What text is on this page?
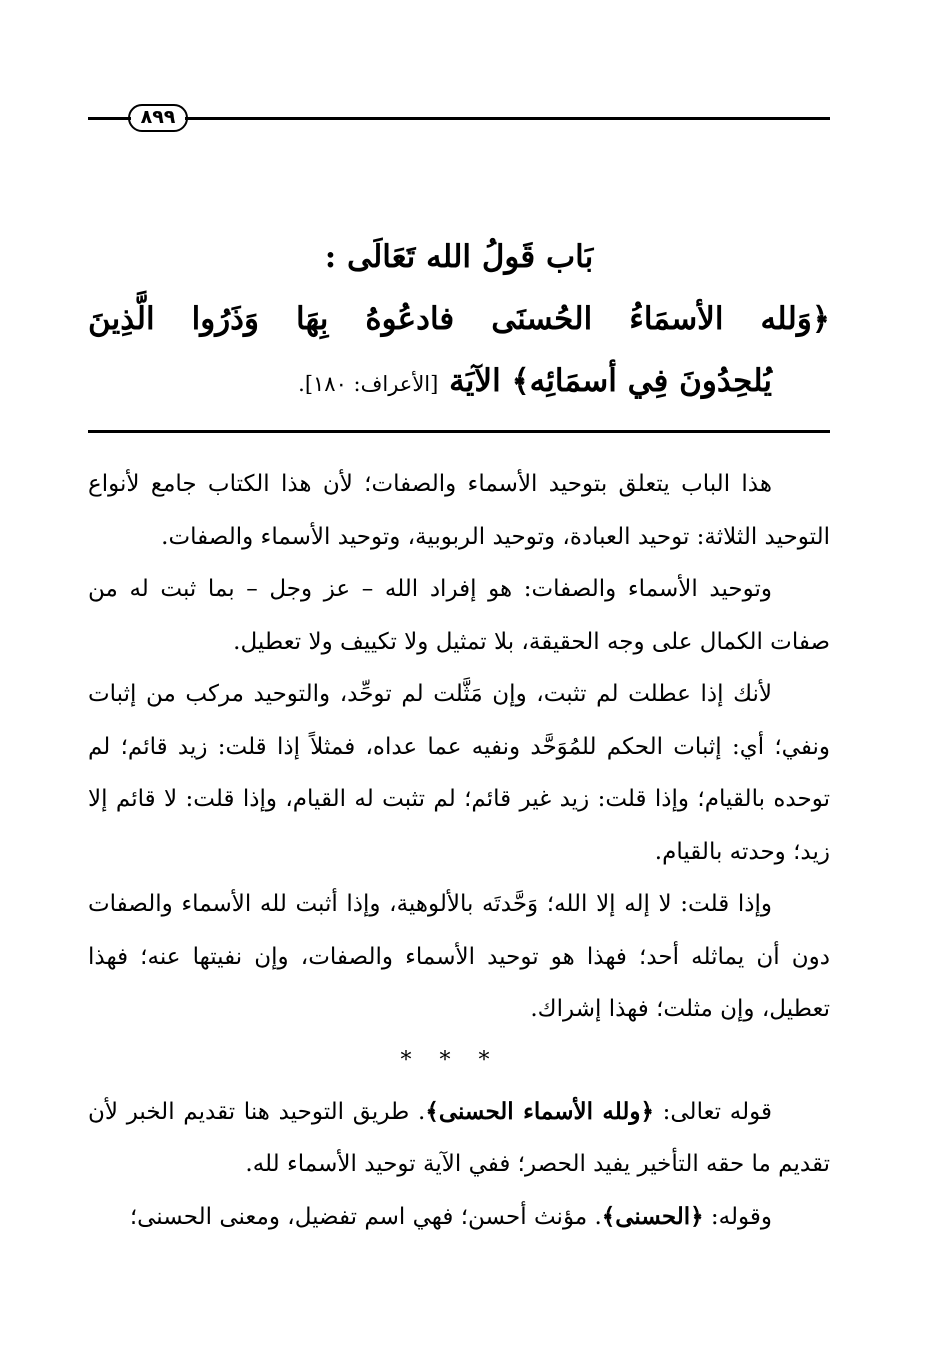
٨٩٩
بَاب قَولُ الله تَعَالَى :
﴿وَلله الأسمَاءُ الحُسنَى فادعُوهُ بِهَا وَذَرُوا الَّذِينَ
يُلحِدُونَ فِي أسمَائِه﴾ الآيَة [الأعراف: ١٨٠].

هذا الباب يتعلق بتوحيد الأسماء والصفات؛ لأن هذا الكتاب جامع لأنواع التوحيد الثلاثة: توحيد العبادة، وتوحيد الربوبية، وتوحيد الأسماء والصفات.

وتوحيد الأسماء والصفات: هو إفراد الله – عز وجل – بما ثبت له من صفات الكمال على وجه الحقيقة، بلا تمثيل ولا تكييف ولا تعطيل.

لأنك إذا عطلت لم تثبت، وإن مَثَّلت لم توحِّد، والتوحيد مركب من إثبات ونفي؛ أي: إثبات الحكم للمُوَحَّد ونفيه عما عداه، فمثلاً إذا قلت: زيد قائم؛ لم توحده بالقيام؛ وإذا قلت: زيد غير قائم؛ لم تثبت له القيام، وإذا قلت: لا قائم إلا زيد؛ وحدته بالقيام.

وإذا قلت: لا إله إلا الله؛ وَحَّدتَه بالألوهية، وإذا أثبت لله الأسماء والصفات دون أن يماثله أحد؛ فهذا هو توحيد الأسماء والصفات، وإن نفيتها عنه؛ فهذا تعطيل، وإن مثلت؛ فهذا إشراك.

***

قوله تعالى: ﴿ولله الأسماء الحسنى﴾. طريق التوحيد هنا تقديم الخبر لأن تقديم ما حقه التأخير يفيد الحصر؛ ففي الآية توحيد الأسماء لله.

وقوله: ﴿الحسنى﴾. مؤنث أحسن؛ فهي اسم تفضيل، ومعنى الحسنى؛
